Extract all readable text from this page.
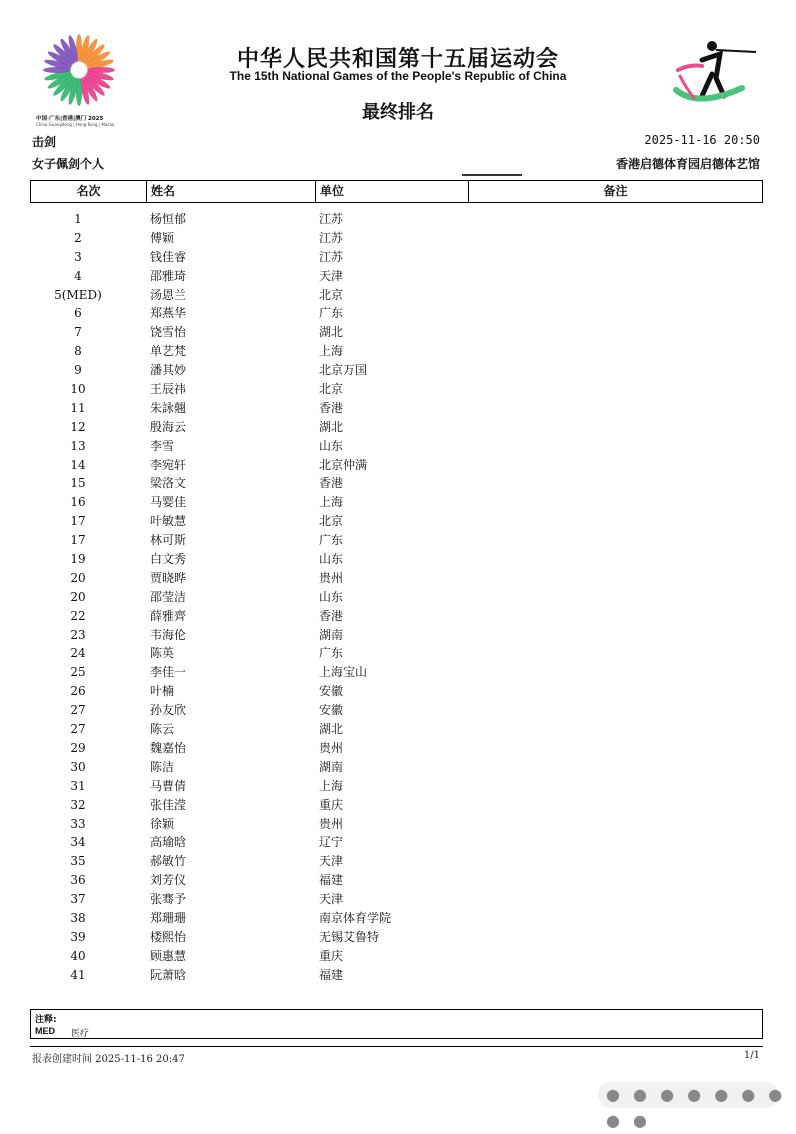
中国·广东|香港|澳门 2025
China Guangdong | Hong Kong | Macao
中华人民共和国第十五届运动会
The 15th National Games of the People's Republic of China
最终排名
击剑	2025-11-16 20:50
女子佩剑个人	香港启德体育园启德体艺馆
名次	姓名	单位	备注
1	杨恒郁	江苏
2	傅颖	江苏
3	钱佳睿	江苏
4	邵雅琦	天津
5(MED)	汤恩兰	北京
6	郑燕华	广东
7	饶雪怡	湖北
8	单艺梵	上海
9	潘其妙	北京万国
10	王辰祎	北京
11	朱詠翹	香港
12	殷海云	湖北
13	李雪	山东
14	李宛轩	北京仲满
15	梁洛文	香港
16	马婴佳	上海
17	叶敏慧	北京
17	林可斯	广东
19	白文秀	山东
20	贾晓晔	贵州
20	邵莹洁	山东
22	薛雅齊	香港
23	韦海伦	湖南
24	陈英	广东
25	李佳一	上海宝山
26	叶楠	安徽
27	孙友欣	安徽
27	陈云	湖北
29	魏嘉怡	贵州
30	陈洁	湖南
31	马曹倩	上海
32	张佳滢	重庆
33	徐颖	贵州
34	高瑜晗	辽宁
35	郝敏竹	天津
36	刘芳仪	福建
37	张骞予	天津
38	郑珊珊	南京体育学院
39	楼熙怡	无锡艾鲁特
40	顾惠慧	重庆
41	阮萧晗	福建
注释:
MED 医疗
报表创建时间 2025-11-16 20:47	1/1
● ● ● ● ● ● ● ● ●
